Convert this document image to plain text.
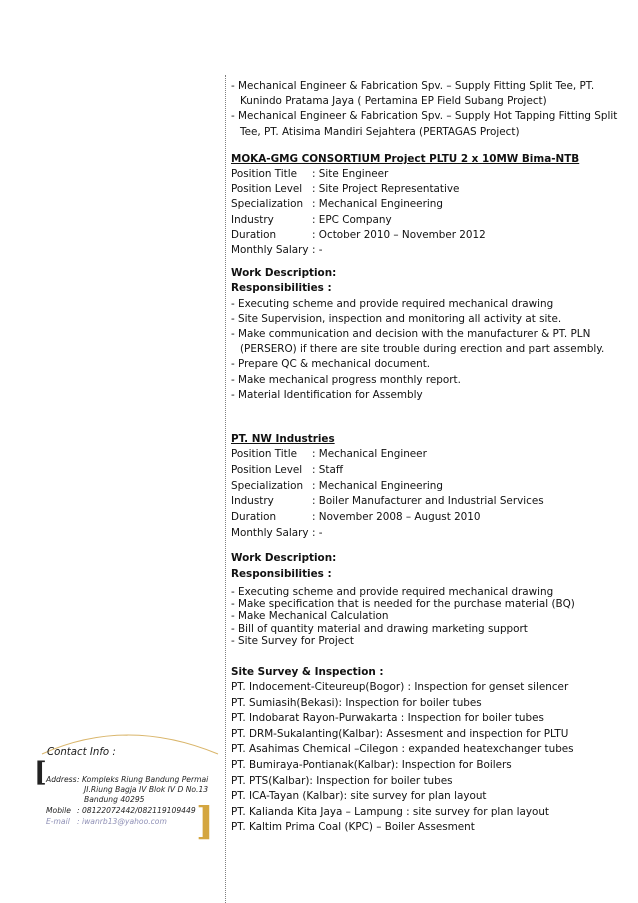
- Mechanical Engineer & Fabrication Spv. – Supply Fitting Split Tee, PT. Kunindo Pratama Jaya ( Pertamina EP Field Subang Project)
- Mechanical Engineer & Fabrication Spv. – Supply Hot Tapping Fitting Split Tee, PT. Atisima Mandiri Sejahtera (PERTAGAS Project)
MOKA-GMG CONSORTIUM Project PLTU 2 x 10MW Bima-NTB
Position Title	: Site Engineer
Position Level	: Site Project Representative
Specialization	: Mechanical Engineering
Industry	: EPC Company
Duration	: October 2010 – November 2012
Monthly Salary	: -
Work Description:
Responsibilities :
- Executing scheme and provide required mechanical drawing
- Site Supervision, inspection and monitoring all activity at site.
- Make communication and decision with the manufacturer & PT. PLN (PERSERO) if there are site trouble during erection and part assembly.
- Prepare QC & mechanical document.
- Make mechanical progress monthly report.
- Material Identification for Assembly
PT. NW Industries
Position Title	: Mechanical Engineer
Position Level	: Staff
Specialization	: Mechanical Engineering
Industry	: Boiler Manufacturer and Industrial Services
Duration	: November 2008 – August 2010
Monthly Salary	: -
Work Description:
Responsibilities :
- Executing scheme and provide required mechanical drawing
- Make specification that is needed for the purchase material (BQ)
- Make Mechanical Calculation
- Bill of quantity material and drawing marketing support
- Site Survey for Project
Site Survey & Inspection :
PT. Indocement-Citeureup(Bogor) : Inspection for genset silencer
PT. Sumiasih(Bekasi): Inspection for boiler tubes
PT. Indobarat Rayon-Purwakarta : Inspection for boiler tubes
PT. DRM-Sukalanting(Kalbar): Assesment and inspection for PLTU
PT. Asahimas Chemical –Cilegon : expanded heatexchanger tubes
PT. Bumiraya-Pontianak(Kalbar): Inspection for Boilers
PT. PTS(Kalbar): Inspection for boiler tubes
PT. ICA-Tayan (Kalbar): site survey for plan layout
PT. Kalianda Kita Jaya – Lampung : site survey for plan layout
PT. Kaltim Prima Coal (KPC) – Boiler Assesment
Contact Info :
[
]
Address : Kompleks Riung Bandung Permai
JI.Riung Bagja IV Blok IV D No.13
Bandung 40295
Mobile : 08122072442/082119109449
E-mail : iwanrb13@yahoo.com
